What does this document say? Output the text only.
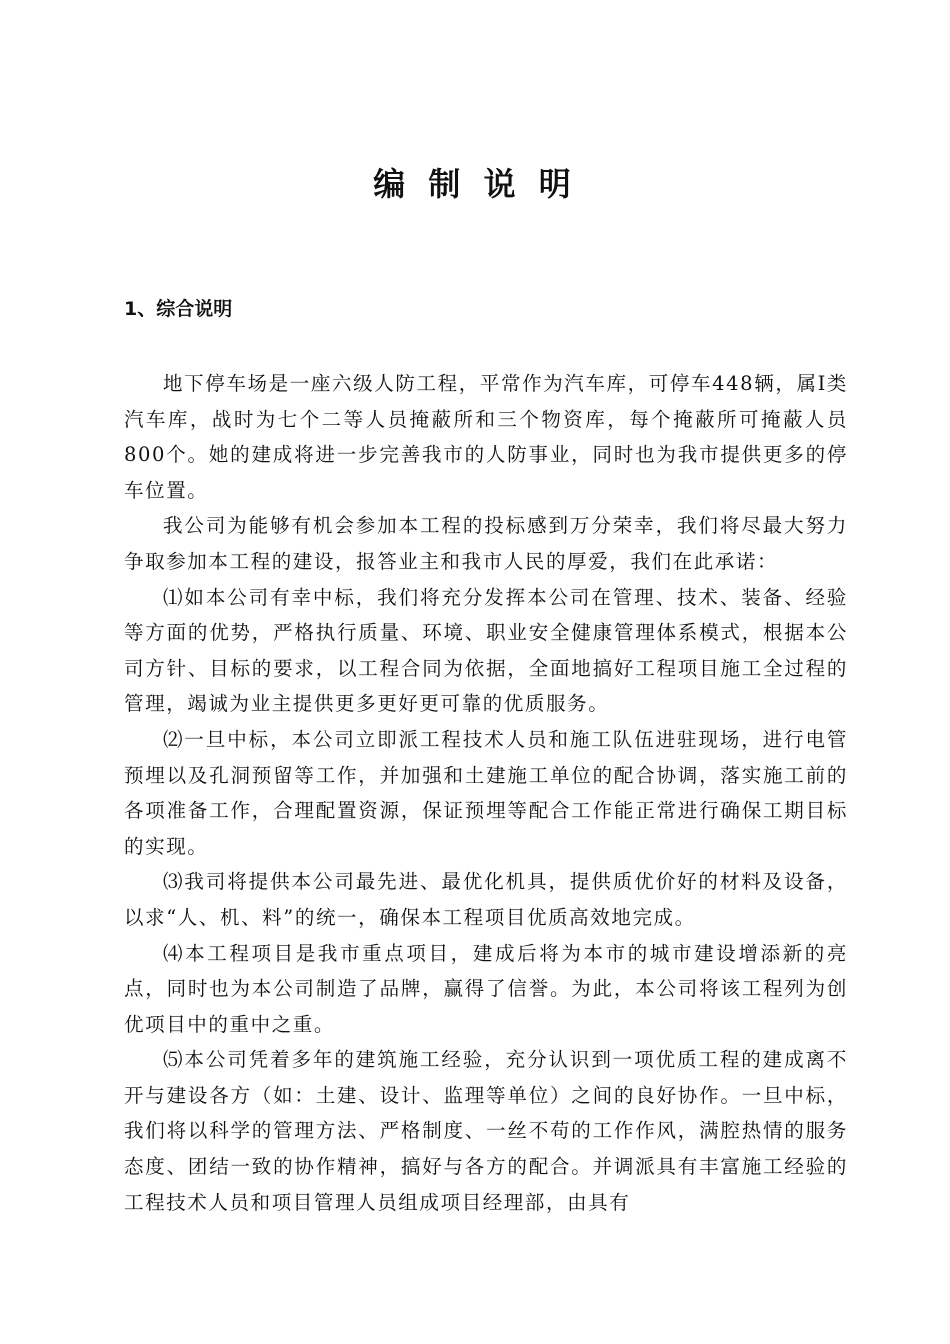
编 制 说 明
1、综合说明

地下停车场是一座六级人防工程，平常作为汽车库，可停车448辆，属I类汽车库，战时为七个二等人员掩蔽所和三个物资库，每个掩蔽所可掩蔽人员800个。她的建成将进一步完善我市的人防事业，同时也为我市提供更多的停车位置。

我公司为能够有机会参加本工程的投标感到万分荣幸，我们将尽最大努力争取参加本工程的建设，报答业主和我市人民的厚爱，我们在此承诺：

⑴如本公司有幸中标，我们将充分发挥本公司在管理、技术、装备、经验等方面的优势，严格执行质量、环境、职业安全健康管理体系模式，根据本公司方针、目标的要求，以工程合同为依据，全面地搞好工程项目施工全过程的管理，竭诚为业主提供更多更好更可靠的优质服务。

⑵一旦中标，本公司立即派工程技术人员和施工队伍进驻现场，进行电管预埋以及孔洞预留等工作，并加强和土建施工单位的配合协调，落实施工前的各项准备工作，合理配置资源，保证预埋等配合工作能正常进行确保工期目标的实现。

⑶我司将提供本公司最先进、最优化机具，提供质优价好的材料及设备，以求“人、机、料”的统一，确保本工程项目优质高效地完成。

⑷本工程项目是我市重点项目，建成后将为本市的城市建设增添新的亮点，同时也为本公司制造了品牌，赢得了信誉。为此，本公司将该工程列为创优项目中的重中之重。

⑸本公司凭着多年的建筑施工经验，充分认识到一项优质工程的建成离不开与建设各方（如：土建、设计、监理等单位）之间的良好协作。一旦中标，我们将以科学的管理方法、严格制度、一丝不苟的工作作风，满腔热情的服务态度、团结一致的协作精神，搞好与各方的配合。并调派具有丰富施工经验的工程技术人员和项目管理人员组成项目经理部，由具有
